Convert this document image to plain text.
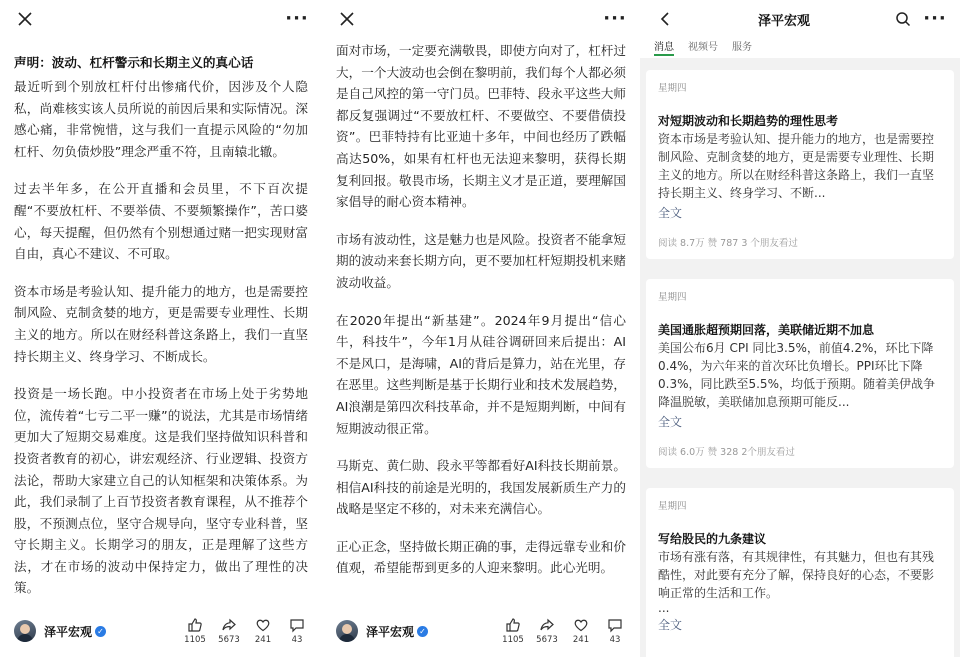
···
声明：波动、杠杆警示和长期主义的真心话

最近听到个别放杠杆付出惨痛代价，因涉及个人隐私，尚难核实该人员所说的前因后果和实际情况。深感心痛，非常惋惜，这与我们一直提示风险的“勿加杠杆、勿负债炒股”理念严重不符，且南辕北辙。

过去半年多，在公开直播和会员里，不下百次提醒“不要放杠杆、不要举债、不要频繁操作”，苦口婆心，每天提醒，但仍然有个别想通过赌一把实现财富自由，真心不建议、不可取。

资本市场是考验认知、提升能力的地方，也是需要控制风险、克制贪婪的地方，更是需要专业理性、长期主义的地方。所以在财经科普这条路上，我们一直坚持长期主义、终身学习、不断成长。

投资是一场长跑。中小投资者在市场上处于劣势地位，流传着“七亏二平一赚”的说法，尤其是市场情绪更加大了短期交易难度。这是我们坚持做知识科普和投资者教育的初心，讲宏观经济、行业逻辑、投资方法论，帮助大家建立自己的认知框架和决策体系。为此，我们录制了上百节投资者教育课程，从不推荐个股，不预测点位，坚守合规导向，坚守专业科普，坚守长期主义。长期学习的朋友，正是理解了这些方法，才在市场的波动中保持定力，做出了理性的决策。

泽平宏观 ✓
1105 5673 241 43
···

面对市场，一定要充满敬畏，即使方向对了，杠杆过大，一个大波动也会倒在黎明前，我们每个人都必须是自己风控的第一守门员。巴菲特、段永平这些大师都反复强调过“不要放杠杆、不要做空、不要借债投资”。巴菲特持有比亚迪十多年，中间也经历了跌幅高达50%，如果有杠杆也无法迎来黎明，获得长期复利回报。敬畏市场，长期主义才是正道，要理解国家倡导的耐心资本精神。

市场有波动性，这是魅力也是风险。投资者不能拿短期的波动来套长期方向，更不要加杠杆短期投机来赌波动收益。

在2020年提出“新基建”。2024年9月提出“信心牛，科技牛”，今年1月从硅谷调研回来后提出：AI不是风口，是海啸，AI的背后是算力，站在光里，存在恶里。这些判断是基于长期行业和技术发展趋势，AI浪潮是第四次科技革命，并不是短期判断，中间有短期波动很正常。

马斯克、黄仁勋、段永平等都看好AI科技长期前景。相信AI科技的前途是光明的，我国发展新质生产力的战略是坚定不移的，对未来充满信心。

正心正念，坚持做长期正确的事，走得远靠专业和价值观，希望能帮到更多的人迎来黎明。此心光明。

泽平宏观 ✓
1105 5673 241 43
泽平宏观	···
消息 视频号 服务
星期四
对短期波动和长期趋势的理性思考
资本市场是考验认知、提升能力的地方，也是需要控制风险、克制贪婪的地方，更是需要专业理性、长期主义的地方。所以在财经科普这条路上，我们一直坚持长期主义、终身学习、不断...
全文
阅读 8.7万 赞 787 3 个朋友看过
星期四
美国通胀超预期回落，美联储近期不加息
美国公布6月 CPI 同比3.5%，前值4.2%，环比下降0.4%，为六年来的首次环比负增长。PPI环比下降0.3%，同比跌至5.5%，均低于预期。随着美伊战争降温脱敏，美联储加息预期可能反...
全文
阅读 6.0万 赞 328 2个朋友看过
星期四
写给股民的九条建议
市场有涨有落，有其规律性，有其魅力，但也有其残酷性，对此要有充分了解，保持良好的心态，不要影响正常的生活和工作。
...
全文
